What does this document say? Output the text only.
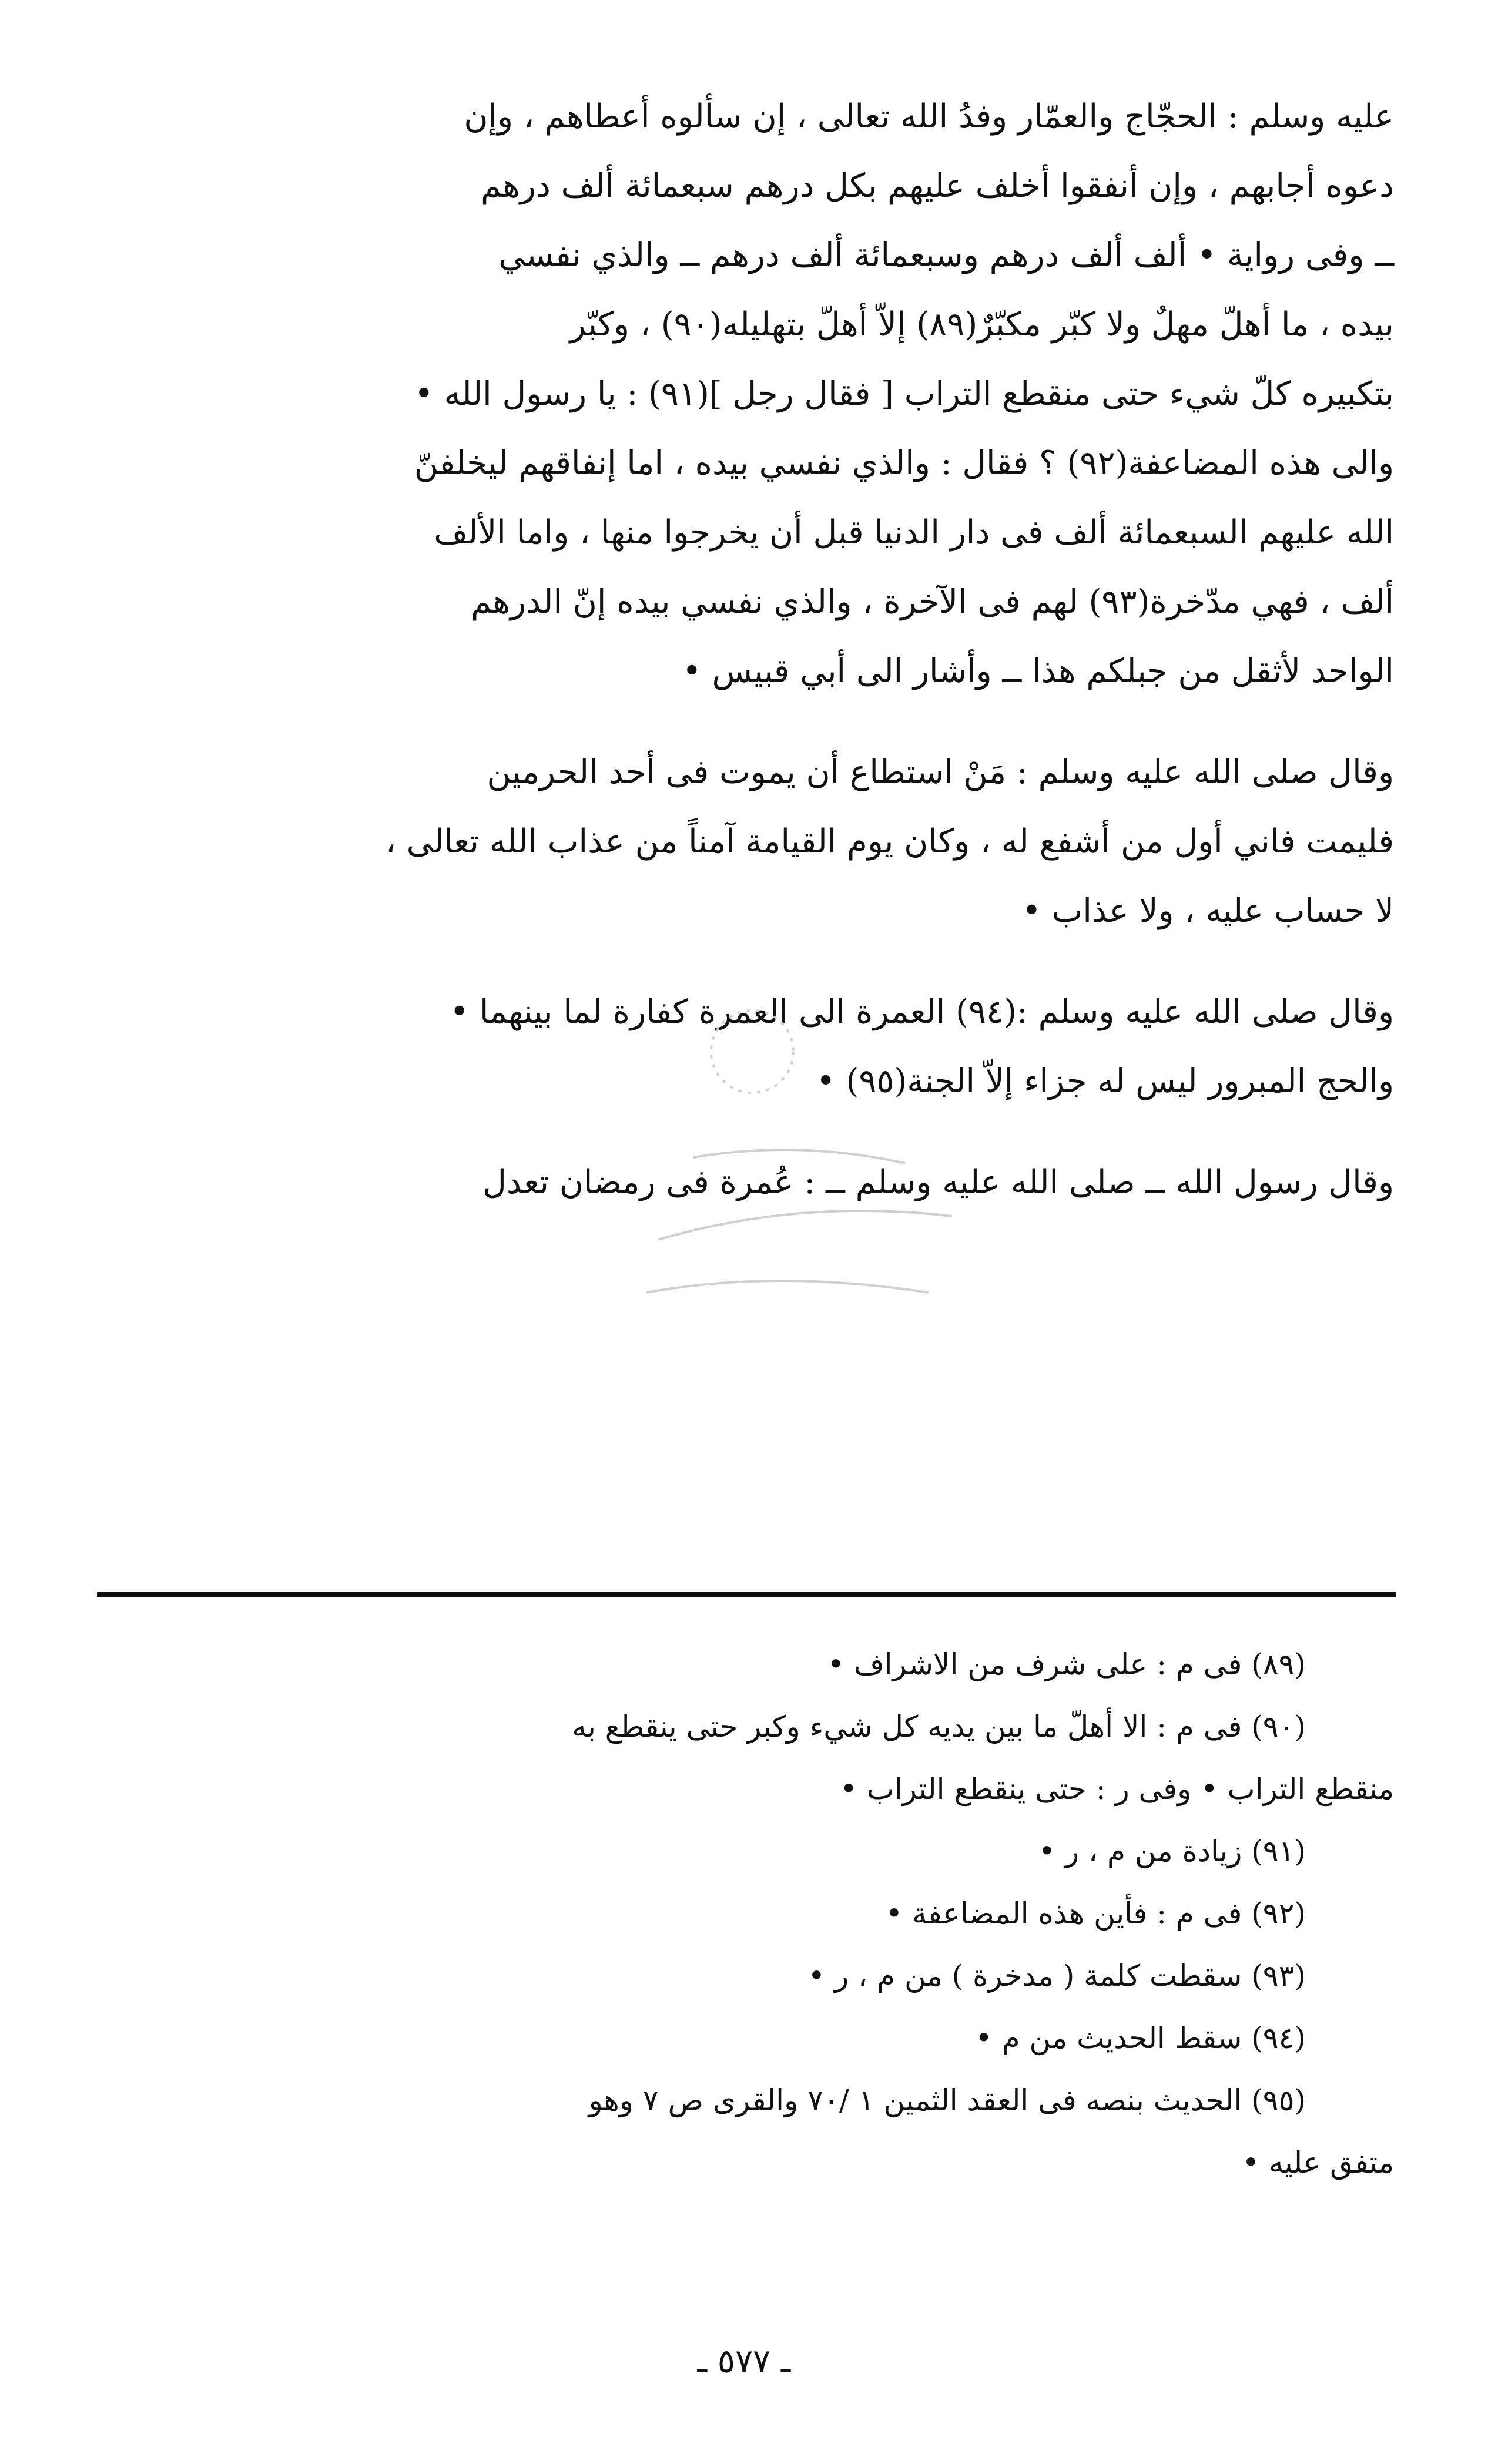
عليه وسلم : الحجّاج والعمّار وفدُ الله تعالى ، إن سألوه أعطاهم ، وإن
دعوه أجابهم ، وإن أنفقوا أخلف عليهم بكل درهم سبعمائة ألف درهم
ــ وفى رواية • ألف ألف درهم وسبعمائة ألف درهم ــ والذي نفسي
بيده ، ما أهلّ مهلٌ ولا كبّر مكبّرٌ(٨٩) إلاّ أهلّ بتهليله(٩٠) ، وكبّر
بتكبيره كلّ شيء حتى منقطع التراب [ فقال رجل ](٩١) : يا رسول الله •
والى هذه المضاعفة(٩٢) ؟ فقال : والذي نفسي بيده ، اما إنفاقهم ليخلفنّ
الله عليهم السبعمائة ألف فى دار الدنيا قبل أن يخرجوا منها ، واما الألف
ألف ، فهي مدّخرة(٩٣) لهم فى الآخرة ، والذي نفسي بيده إنّ الدرهم
الواحد لأثقل من جبلكم هذا ــ وأشار الى أبي قبيس •

وقال صلى الله عليه وسلم : مَنْ استطاع أن يموت فى أحد الحرمين
فليمت فاني أول من أشفع له ، وكان يوم القيامة آمناً من عذاب الله تعالى ،
لا حساب عليه ، ولا عذاب •

وقال صلى الله عليه وسلم :(٩٤) العمرة الى العمرة كفارة لما بينهما •
والحج المبرور ليس له جزاء إلاّ الجنة(٩٥) •

وقال رسول الله ــ صلى الله عليه وسلم ــ : عُمرة فى رمضان تعدل

(٨٩) فى م : على شرف من الاشراف •
(٩٠) فى م : الا أهلّ ما بين يديه كل شيء وكبر حتى ينقطع به
منقطع التراب • وفى ر : حتى ينقطع التراب •
(٩١) زيادة من م ، ر •
(٩٢) فى م : فأين هذه المضاعفة •
(٩٣) سقطت كلمة ( مدخرة ) من م ، ر •
(٩٤) سقط الحديث من م •
(٩٥) الحديث بنصه فى العقد الثمين ١ /٧٠ والقرى ص ٧ وهو
متفق عليه •
ـ ٥٧٧ ـ
